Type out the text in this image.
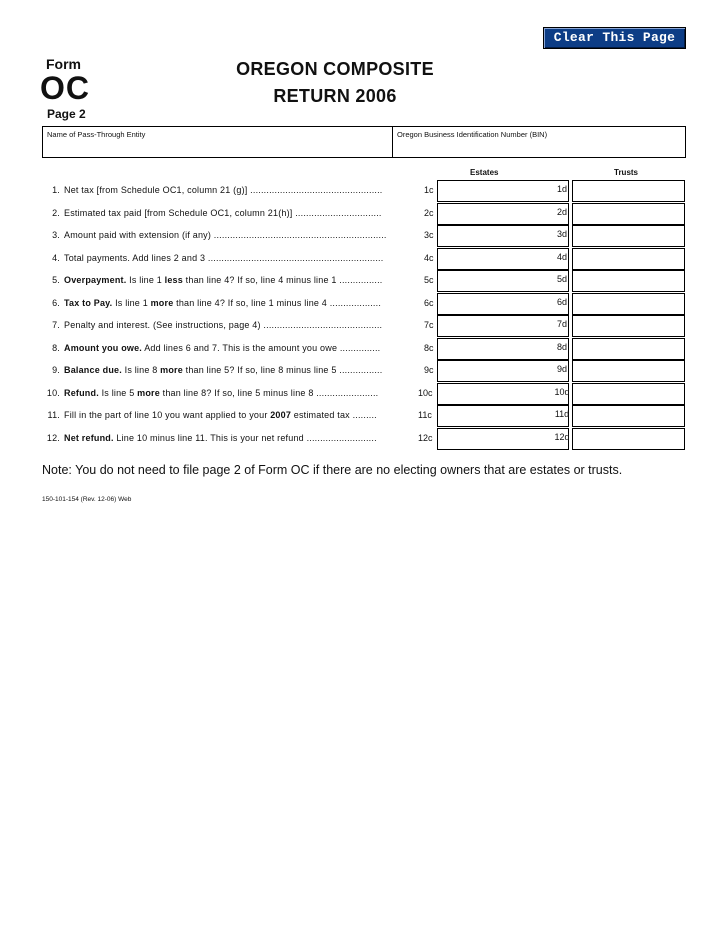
Clear This Page
Form
OC
Page 2
OREGON COMPOSITE
RETURN 2006
Name of Pass-Through Entity	Oregon Business Identification Number (BIN)
Estates	Trusts
1. Net tax [from Schedule OC1, column 21 (g)] .................................................	1c	1d
2. Estimated tax paid [from Schedule OC1, column 21(h)] ................................	2c	2d
3. Amount paid with extension (if any) ................................................................	3c	3d
4. Total payments. Add lines 2 and 3 .................................................................	4c	4d
5. Overpayment. Is line 1 less than line 4? If so, line 4 minus line 1 ................	5c	5d
6. Tax to Pay. Is line 1 more than line 4? If so, line 1 minus line 4 ...................	6c	6d
7. Penalty and interest. (See instructions, page 4) ............................................	7c	7d
8. Amount you owe. Add lines 6 and 7. This is the amount you owe ...............	8c	8d
9. Balance due. Is line 8 more than line 5? If so, line 8 minus line 5 ................	9c	9d
10. Refund. Is line 5 more than line 8? If so, line 5 minus line 8 .......................	10c	10d
11. Fill in the part of line 10 you want applied to your 2007 estimated tax .........	11c	11d
12. Net refund. Line 10 minus line 11. This is your net refund ..........................	12c	12d
Note: You do not need to file page 2 of Form OC if there are no electing owners that are estates or trusts.
150-101-154 (Rev. 12-06) Web
